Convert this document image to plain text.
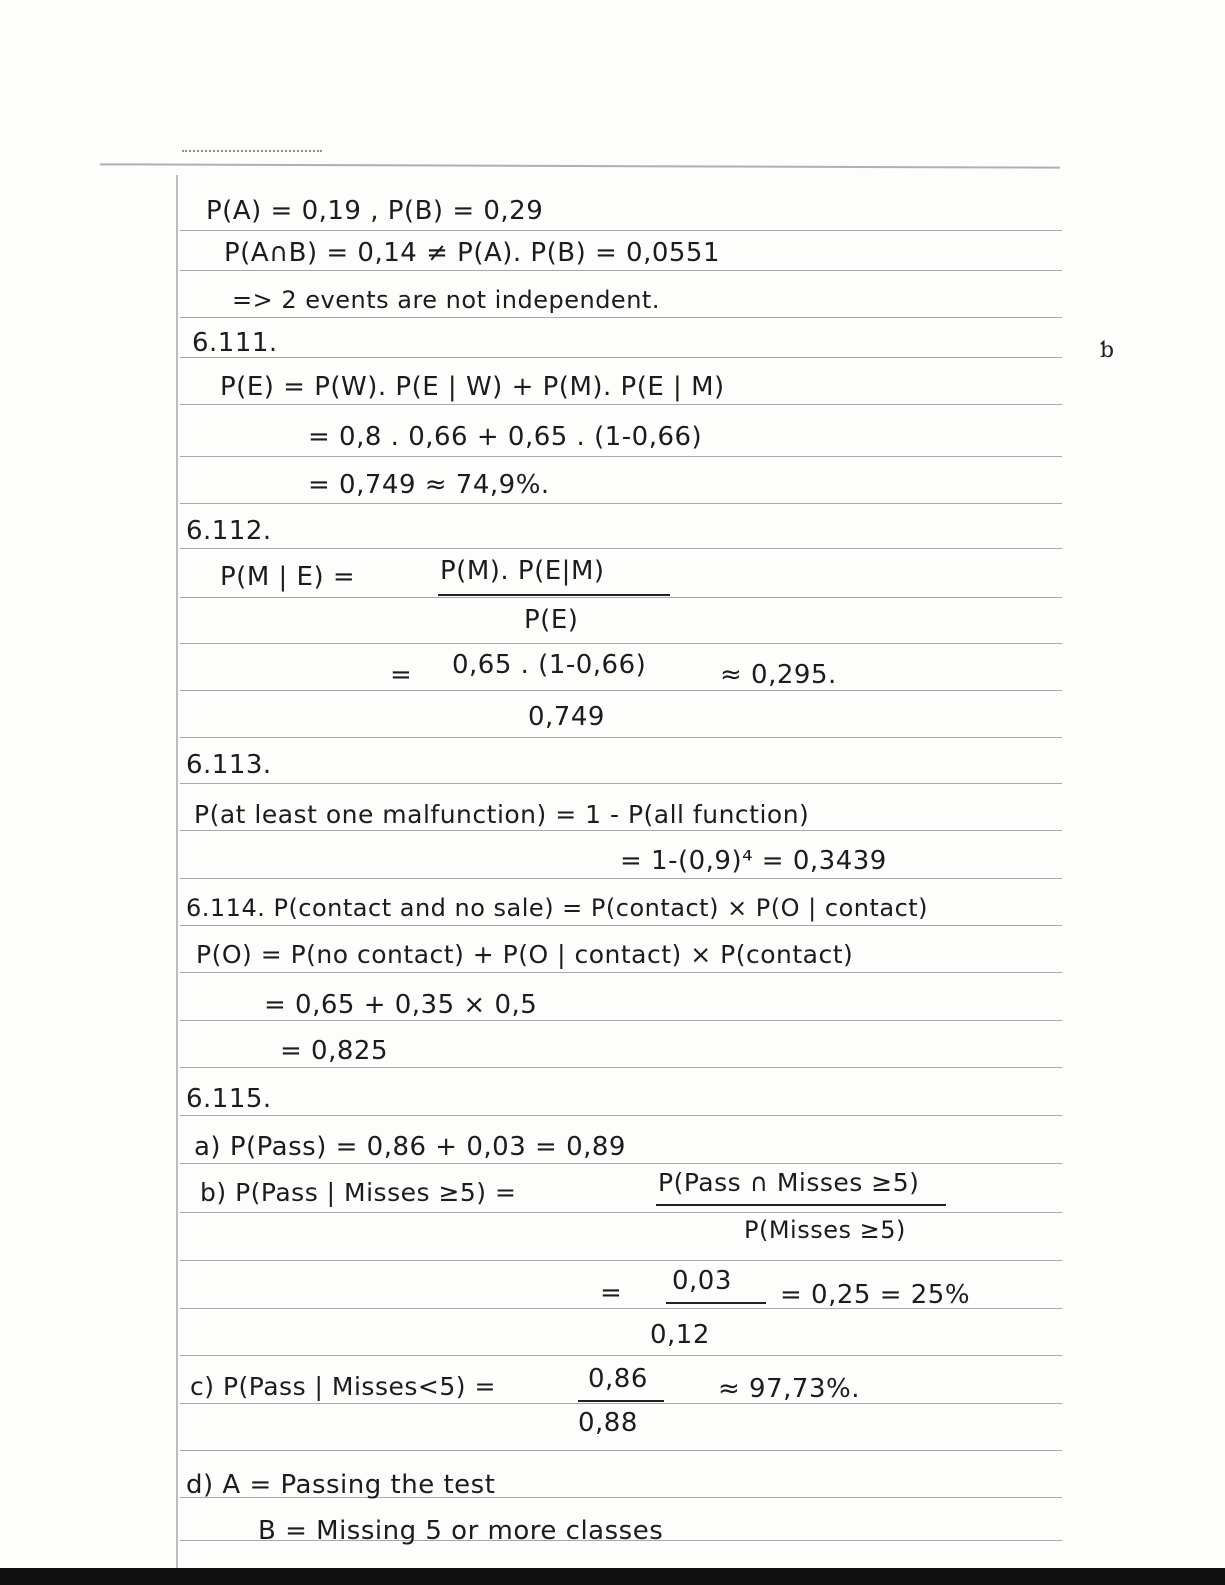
ƅ
P(A) = 0,19 , P(B) = 0,29
P(A∩B) = 0,14 ≠ P(A). P(B) = 0,0551
=> 2 events are not independent.
6.111.
P(E) = P(W). P(E | W) + P(M). P(E | M)
= 0,8 . 0,66 + 0,65 . (1-0,66)
= 0,749 ≈ 74,9%.
6.112.
P(M | E) =	P(M). P(E|M)
P(E)
= 0,65 . (1-0,66)	≈ 0,295.
0,749
6.113.
P(at least one malfunction) = 1 - P(all function)
= 1-(0,9)⁴ = 0,3439
6.114. P(contact and no sale) = P(contact) × P(O | contact)
P(O) = P(no contact) + P(O | contact) × P(contact)
= 0,65 + 0,35 × 0,5
= 0,825
6.115.
a) P(Pass) = 0,86 + 0,03 = 0,89
b) P(Pass | Misses ≥5) =	P(Pass ∩ Misses ≥5)
P(Misses ≥5)
= 0,03 = 0,25 = 25%
0,12
c) P(Pass | Misses<5) =	0,86	≈ 97,73%.
0,88
d) A = Passing the test
B = Missing 5 or more classes
